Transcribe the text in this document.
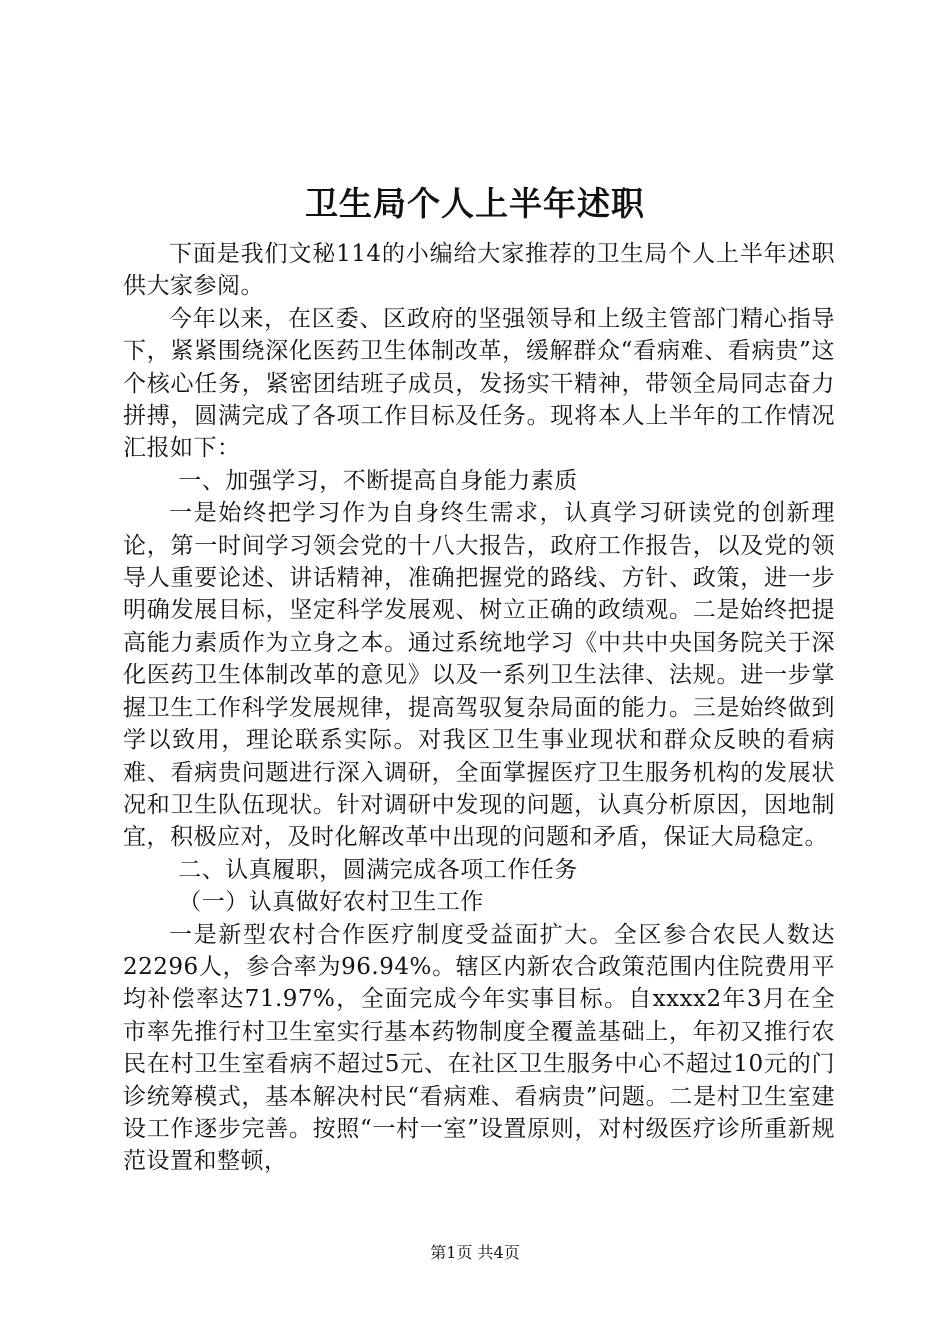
卫生局个人上半年述职

下面是我们文秘114的小编给大家推荐的卫生局个人上半年述职供大家参阅。

今年以来，在区委、区政府的坚强领导和上级主管部门精心指导下，紧紧围绕深化医药卫生体制改革，缓解群众“看病难、看病贵”这个核心任务，紧密团结班子成员，发扬实干精神，带领全局同志奋力拼搏，圆满完成了各项工作目标及任务。现将本人上半年的工作情况汇报如下：

一、加强学习，不断提高自身能力素质

一是始终把学习作为自身终生需求，认真学习研读党的创新理论，第一时间学习领会党的十八大报告，政府工作报告，以及党的领导人重要论述、讲话精神，准确把握党的路线、方针、政策，进一步明确发展目标，坚定科学发展观、树立正确的政绩观。二是始终把提高能力素质作为立身之本。通过系统地学习《中共中央国务院关于深化医药卫生体制改革的意见》以及一系列卫生法律、法规。进一步掌握卫生工作科学发展规律，提高驾驭复杂局面的能力。三是始终做到学以致用，理论联系实际。对我区卫生事业现状和群众反映的看病难、看病贵问题进行深入调研，全面掌握医疗卫生服务机构的发展状况和卫生队伍现状。针对调研中发现的问题，认真分析原因，因地制宜，积极应对，及时化解改革中出现的问题和矛盾，保证大局稳定。

二、认真履职，圆满完成各项工作任务

（一）认真做好农村卫生工作

一是新型农村合作医疗制度受益面扩大。全区参合农民人数达22296人，参合率为96.94%。辖区内新农合政策范围内住院费用平均补偿率达71.97%，全面完成今年实事目标。自xxxx2年3月在全市率先推行村卫生室实行基本药物制度全覆盖基础上，年初又推行农民在村卫生室看病不超过5元、在社区卫生服务中心不超过10元的门诊统筹模式，基本解决村民“看病难、看病贵”问题。二是村卫生室建设工作逐步完善。按照“一村一室”设置原则，对村级医疗诊所重新规范设置和整顿，

第1页 共4页
